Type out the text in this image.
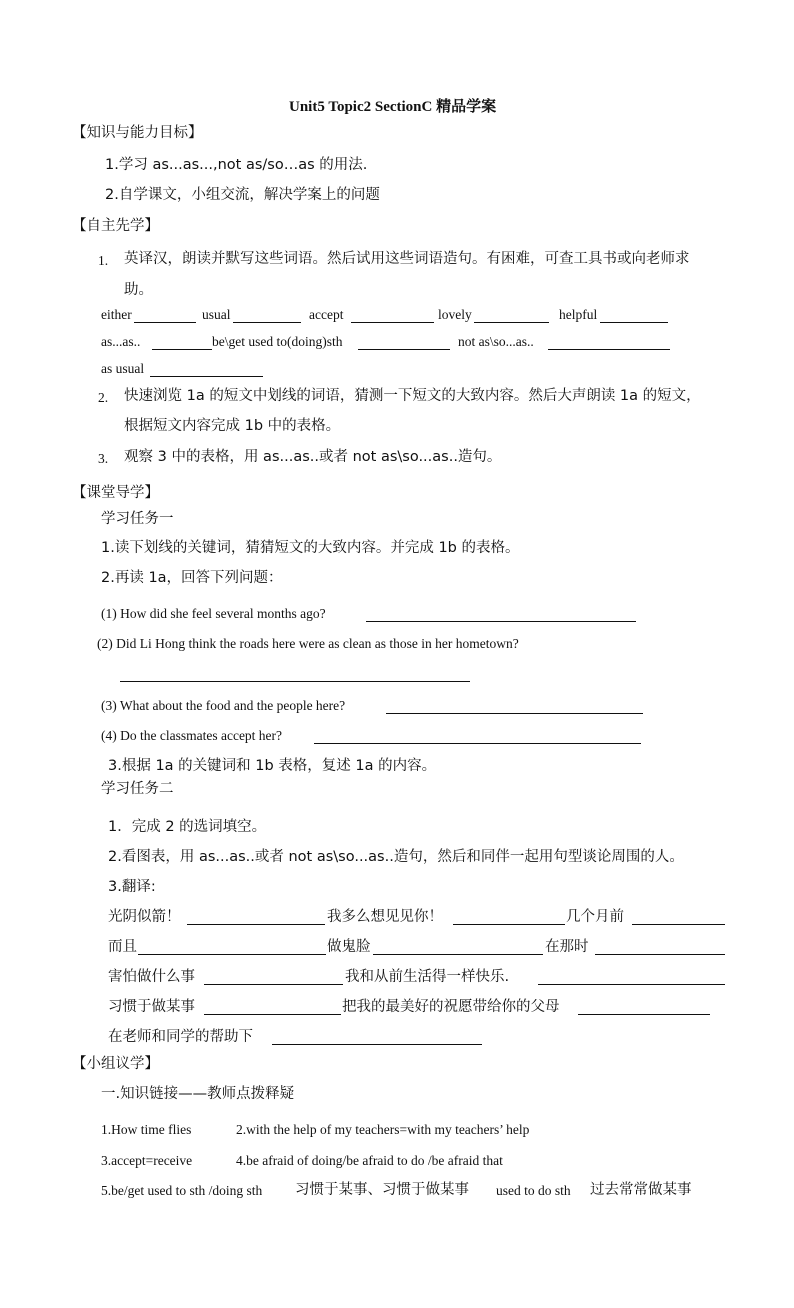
Unit5 Topic2 SectionC 精品学案
【知识与能力目标】
1.学习 as...as...,not as/so…as 的用法.
2.自学课文，小组交流，解决学案上的问题
【自主先学】
1. 英译汉，朗读并默写这些词语。然后试用这些词语造句。有困难，可查工具书或向老师求
助。
either	usual	accept	lovely	helpful
as...as..	be\get used to(doing)sth	not as\so...as..
as usual
2. 快速浏览 1a 的短文中划线的词语，猜测一下短文的大致内容。然后大声朗读 1a 的短文，
根据短文内容完成 1b 中的表格。
3. 观察 3 中的表格，用 as...as..或者 not as\so...as..造句。
【课堂导学】
学习任务一
1.读下划线的关键词，猜猜短文的大致内容。并完成 1b 的表格。
2.再读 1a，回答下列问题：
(1) How did she feel several months ago?
(2) Did Li Hong think the roads here were as clean as those in her hometown?
(3) What about the food and the people here?
(4) Do the classmates accept her?
3.根据 1a 的关键词和 1b 表格，复述 1a 的内容。
学习任务二
1．完成 2 的选词填空。
2.看图表，用 as...as..或者 not as\so...as..造句，然后和同伴一起用句型谈论周围的人。
3.翻译:
光阴似箭！	我多么想见见你！	几个月前
而且	做鬼脸	在那时
害怕做什么事	我和从前生活得一样快乐.
习惯于做某事	把我的最美好的祝愿带给你的父母
在老师和同学的帮助下
【小组议学】
一.知识链接——教师点拨释疑
1.How time flies	2.with the help of my teachers=with my teachers’ help
3.accept=receive	4.be afraid of doing/be afraid to do /be afraid that
5.be/get used to sth /doing sth 习惯于某事、习惯于做某事 used to do sth 过去常常做某事
